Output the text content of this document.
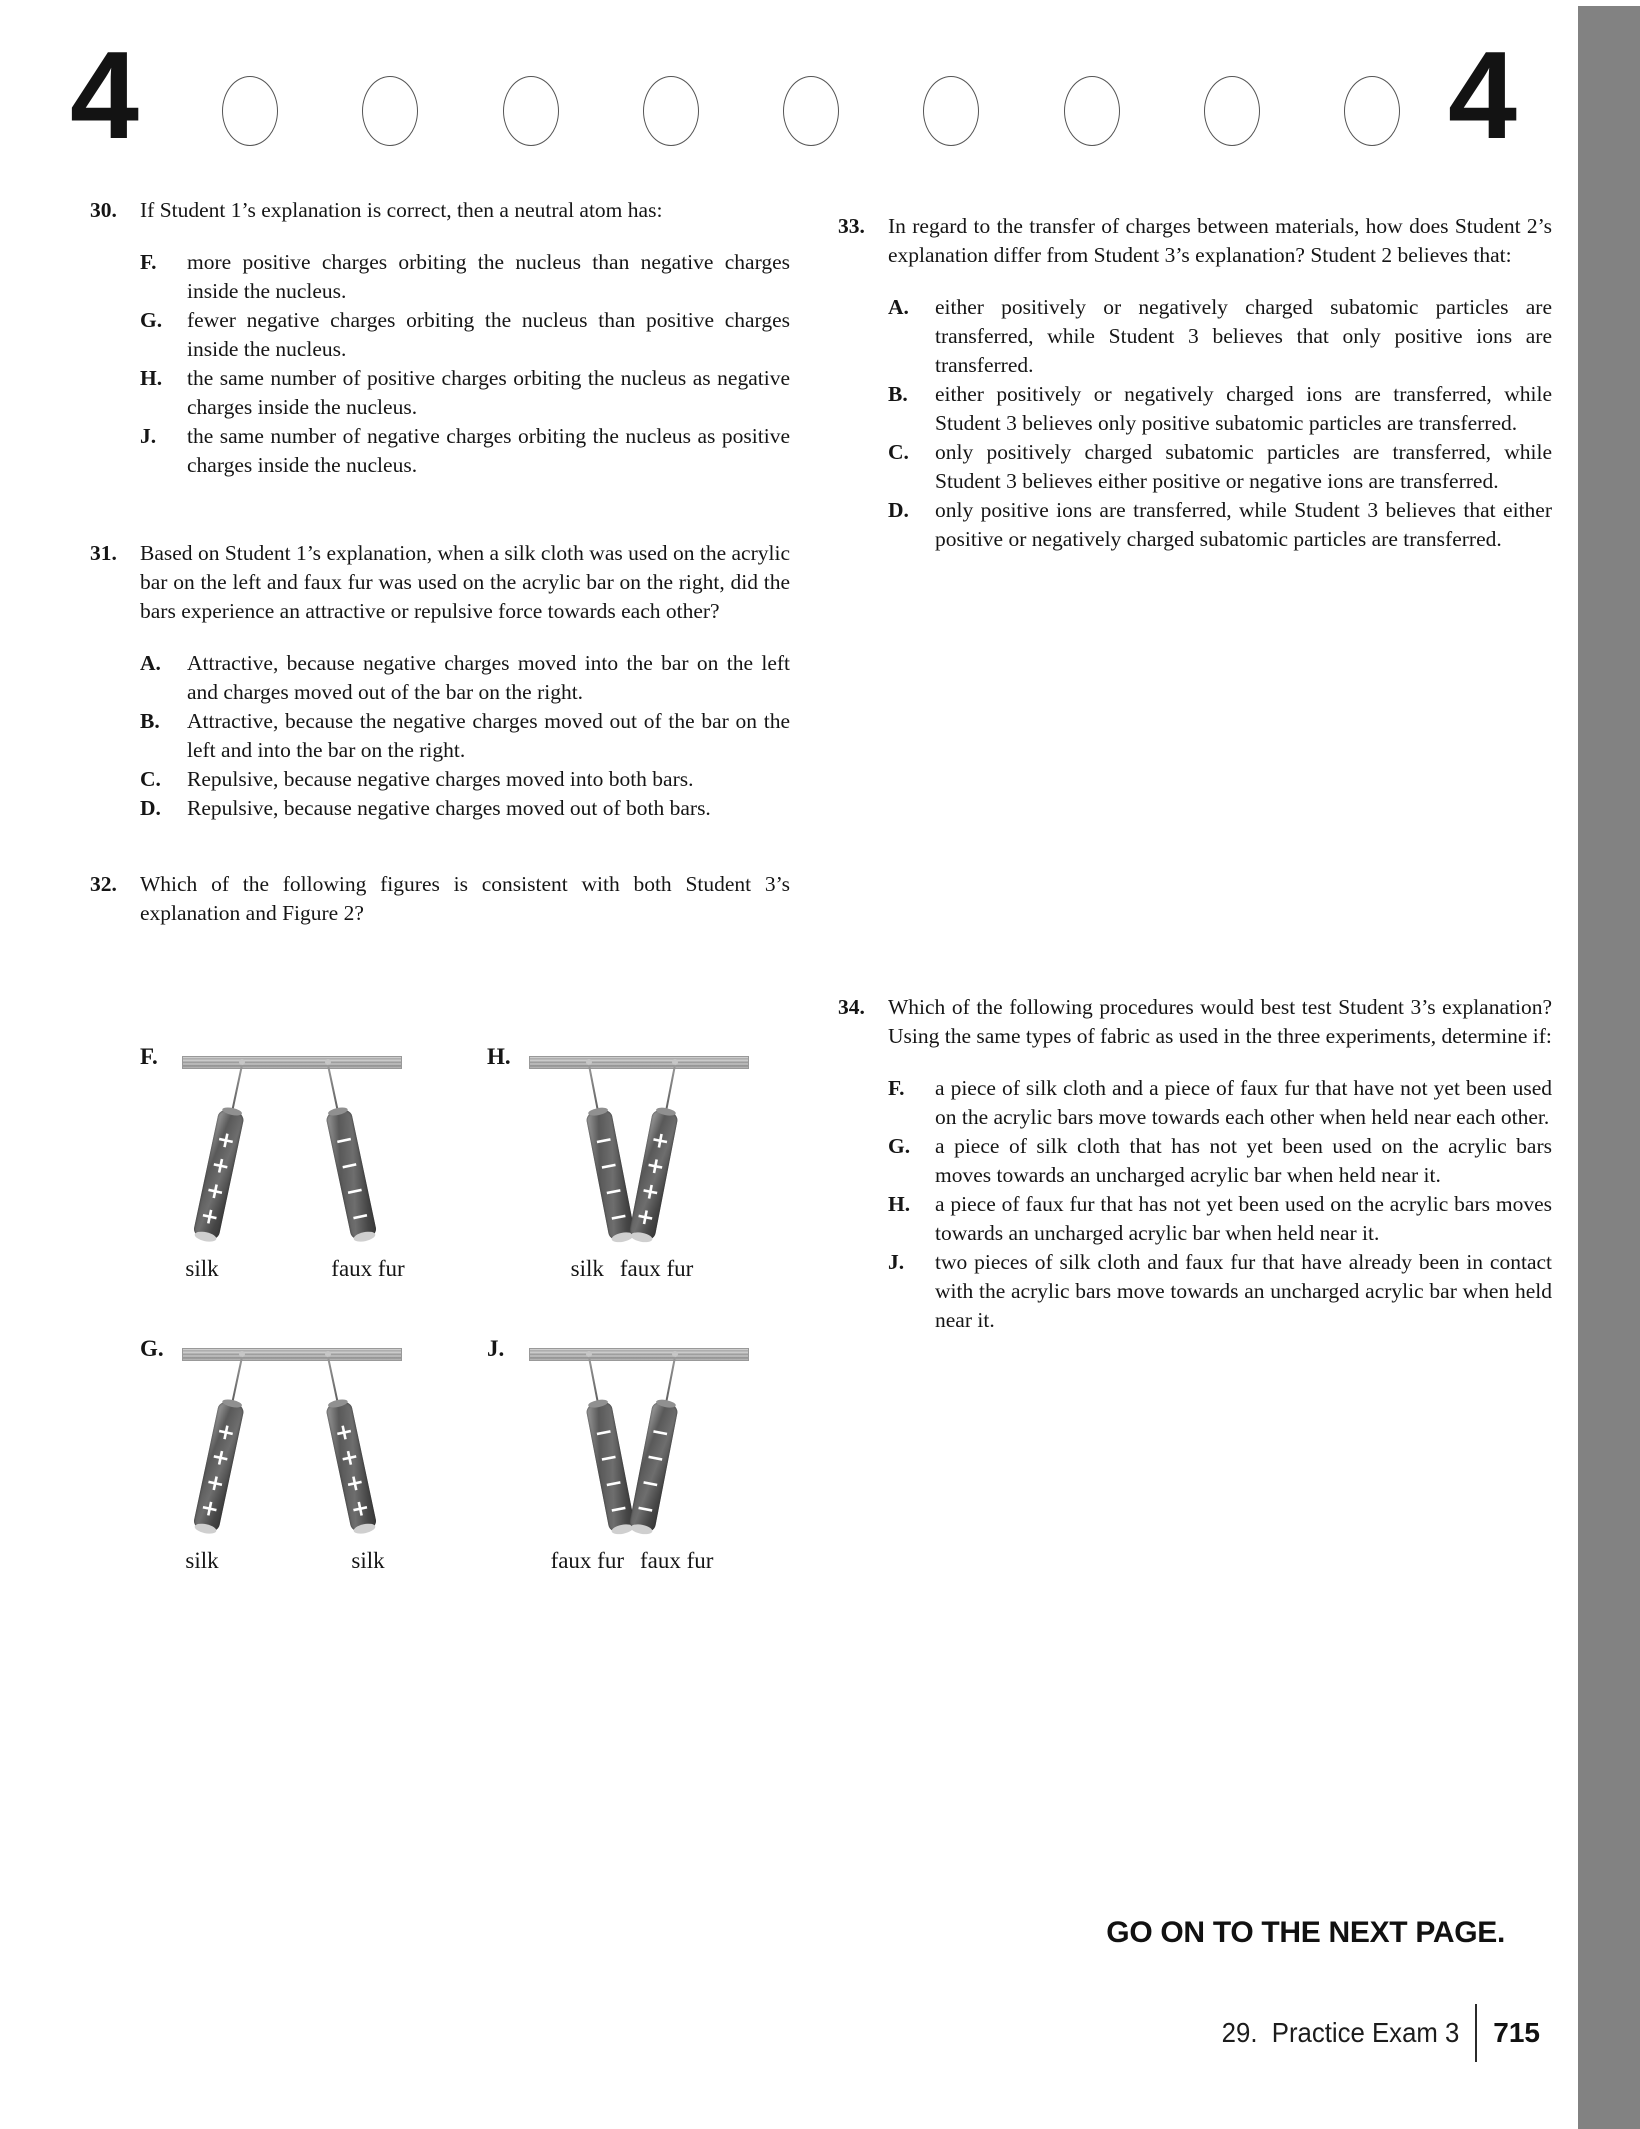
4	4
30. If Student 1’s explanation is correct, then a neutral atom has:
F. more positive charges orbiting the nucleus than negative charges inside the nucleus.
G. fewer negative charges orbiting the nucleus than positive charges inside the nucleus.
H. the same number of positive charges orbiting the nucleus as negative charges inside the nucleus.
J. the same number of negative charges orbiting the nucleus as positive charges inside the nucleus.
31. Based on Student 1’s explanation, when a silk cloth was used on the acrylic bar on the left and faux fur was used on the acrylic bar on the right, did the bars experience an attractive or repulsive force towards each other?
A. Attractive, because negative charges moved into the bar on the left and charges moved out of the bar on the right.
B. Attractive, because the negative charges moved out of the bar on the left and into the bar on the right.
C. Repulsive, because negative charges moved into both bars.
D. Repulsive, because negative charges moved out of both bars.
32. Which of the following figures is consistent with both Student 3’s explanation and Figure 2?
33. In regard to the transfer of charges between materials, how does Student 2’s explanation differ from Student 3’s explanation? Student 2 believes that:
A. either positively or negatively charged subatomic particles are transferred, while Student 3 believes that only positive ions are transferred.
B. either positively or negatively charged ions are transferred, while Student 3 believes only positive subatomic particles are transferred.
C. only positively charged subatomic particles are transferred, while Student 3 believes either positive or negative ions are transferred.
D. only positive ions are transferred, while Student 3 believes that either positive or negatively charged subatomic particles are transferred.
34. Which of the following procedures would best test Student 3’s explanation? Using the same types of fabric as used in the three experiments, determine if:
F. a piece of silk cloth and a piece of faux fur that have not yet been used on the acrylic bars move towards each other when held near each other.
G. a piece of silk cloth that has not yet been used on the acrylic bars moves towards an uncharged acrylic bar when held near it.
H. a piece of faux fur that has not yet been used on the acrylic bars moves towards an uncharged acrylic bar when held near it.
J. two pieces of silk cloth and faux fur that have already been in contact with the acrylic bars move towards an uncharged acrylic bar when held near it.
F.
+
+
+
+
−
−
−
−
silk	faux fur
H.
−
−
−
−
+
+
+
+
silk faux fur
G.
+
+
+
+
+
+
+
+
silk	silk
J.
−
−
−
−
−
−
−
−
faux fur faux fur
GO ON TO THE NEXT PAGE.
29.  Practice Exam 3 715
